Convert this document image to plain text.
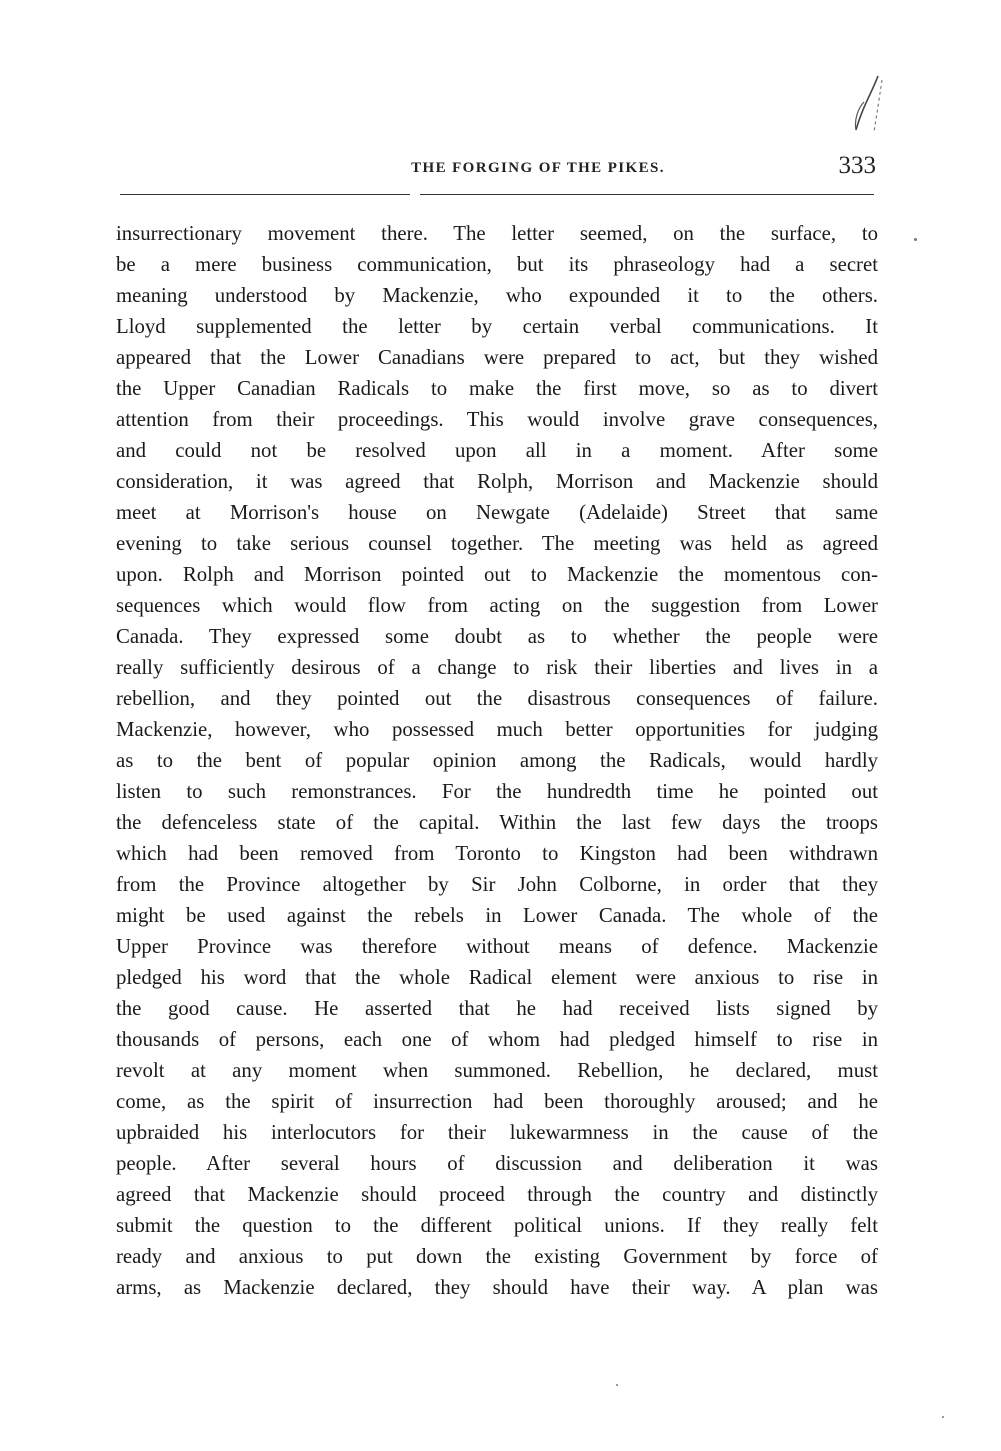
THE FORGING OF THE PIKES.	333
insurrectionary movement there. The letter seemed, on the surface, to
be a mere business communication, but its phraseology had a secret
meaning understood by Mackenzie, who expounded it to the others.
Lloyd supplemented the letter by certain verbal communications. It
appeared that the Lower Canadians were prepared to act, but they wished
the Upper Canadian Radicals to make the first move, so as to divert
attention from their proceedings. This would involve grave consequences,
and could not be resolved upon all in a moment. After some
consideration, it was agreed that Rolph, Morrison and Mackenzie should
meet at Morrison's house on Newgate (Adelaide) Street that same
evening to take serious counsel together. The meeting was held as agreed
upon. Rolph and Morrison pointed out to Mackenzie the momentous con-
sequences which would flow from acting on the suggestion from Lower
Canada. They expressed some doubt as to whether the people were
really sufficiently desirous of a change to risk their liberties and lives in a
rebellion, and they pointed out the disastrous consequences of failure.
Mackenzie, however, who possessed much better opportunities for judging
as to the bent of popular opinion among the Radicals, would hardly
listen to such remonstrances. For the hundredth time he pointed out
the defenceless state of the capital. Within the last few days the troops
which had been removed from Toronto to Kingston had been withdrawn
from the Province altogether by Sir John Colborne, in order that they
might be used against the rebels in Lower Canada. The whole of the
Upper Province was therefore without means of defence. Mackenzie
pledged his word that the whole Radical element were anxious to rise in
the good cause. He asserted that he had received lists signed by
thousands of persons, each one of whom had pledged himself to rise in
revolt at any moment when summoned. Rebellion, he declared, must
come, as the spirit of insurrection had been thoroughly aroused; and he
upbraided his interlocutors for their lukewarmness in the cause of the
people. After several hours of discussion and deliberation it was
agreed that Mackenzie should proceed through the country and distinctly
submit the question to the different political unions. If they really felt
ready and anxious to put down the existing Government by force of
arms, as Mackenzie declared, they should have their way. A plan was
